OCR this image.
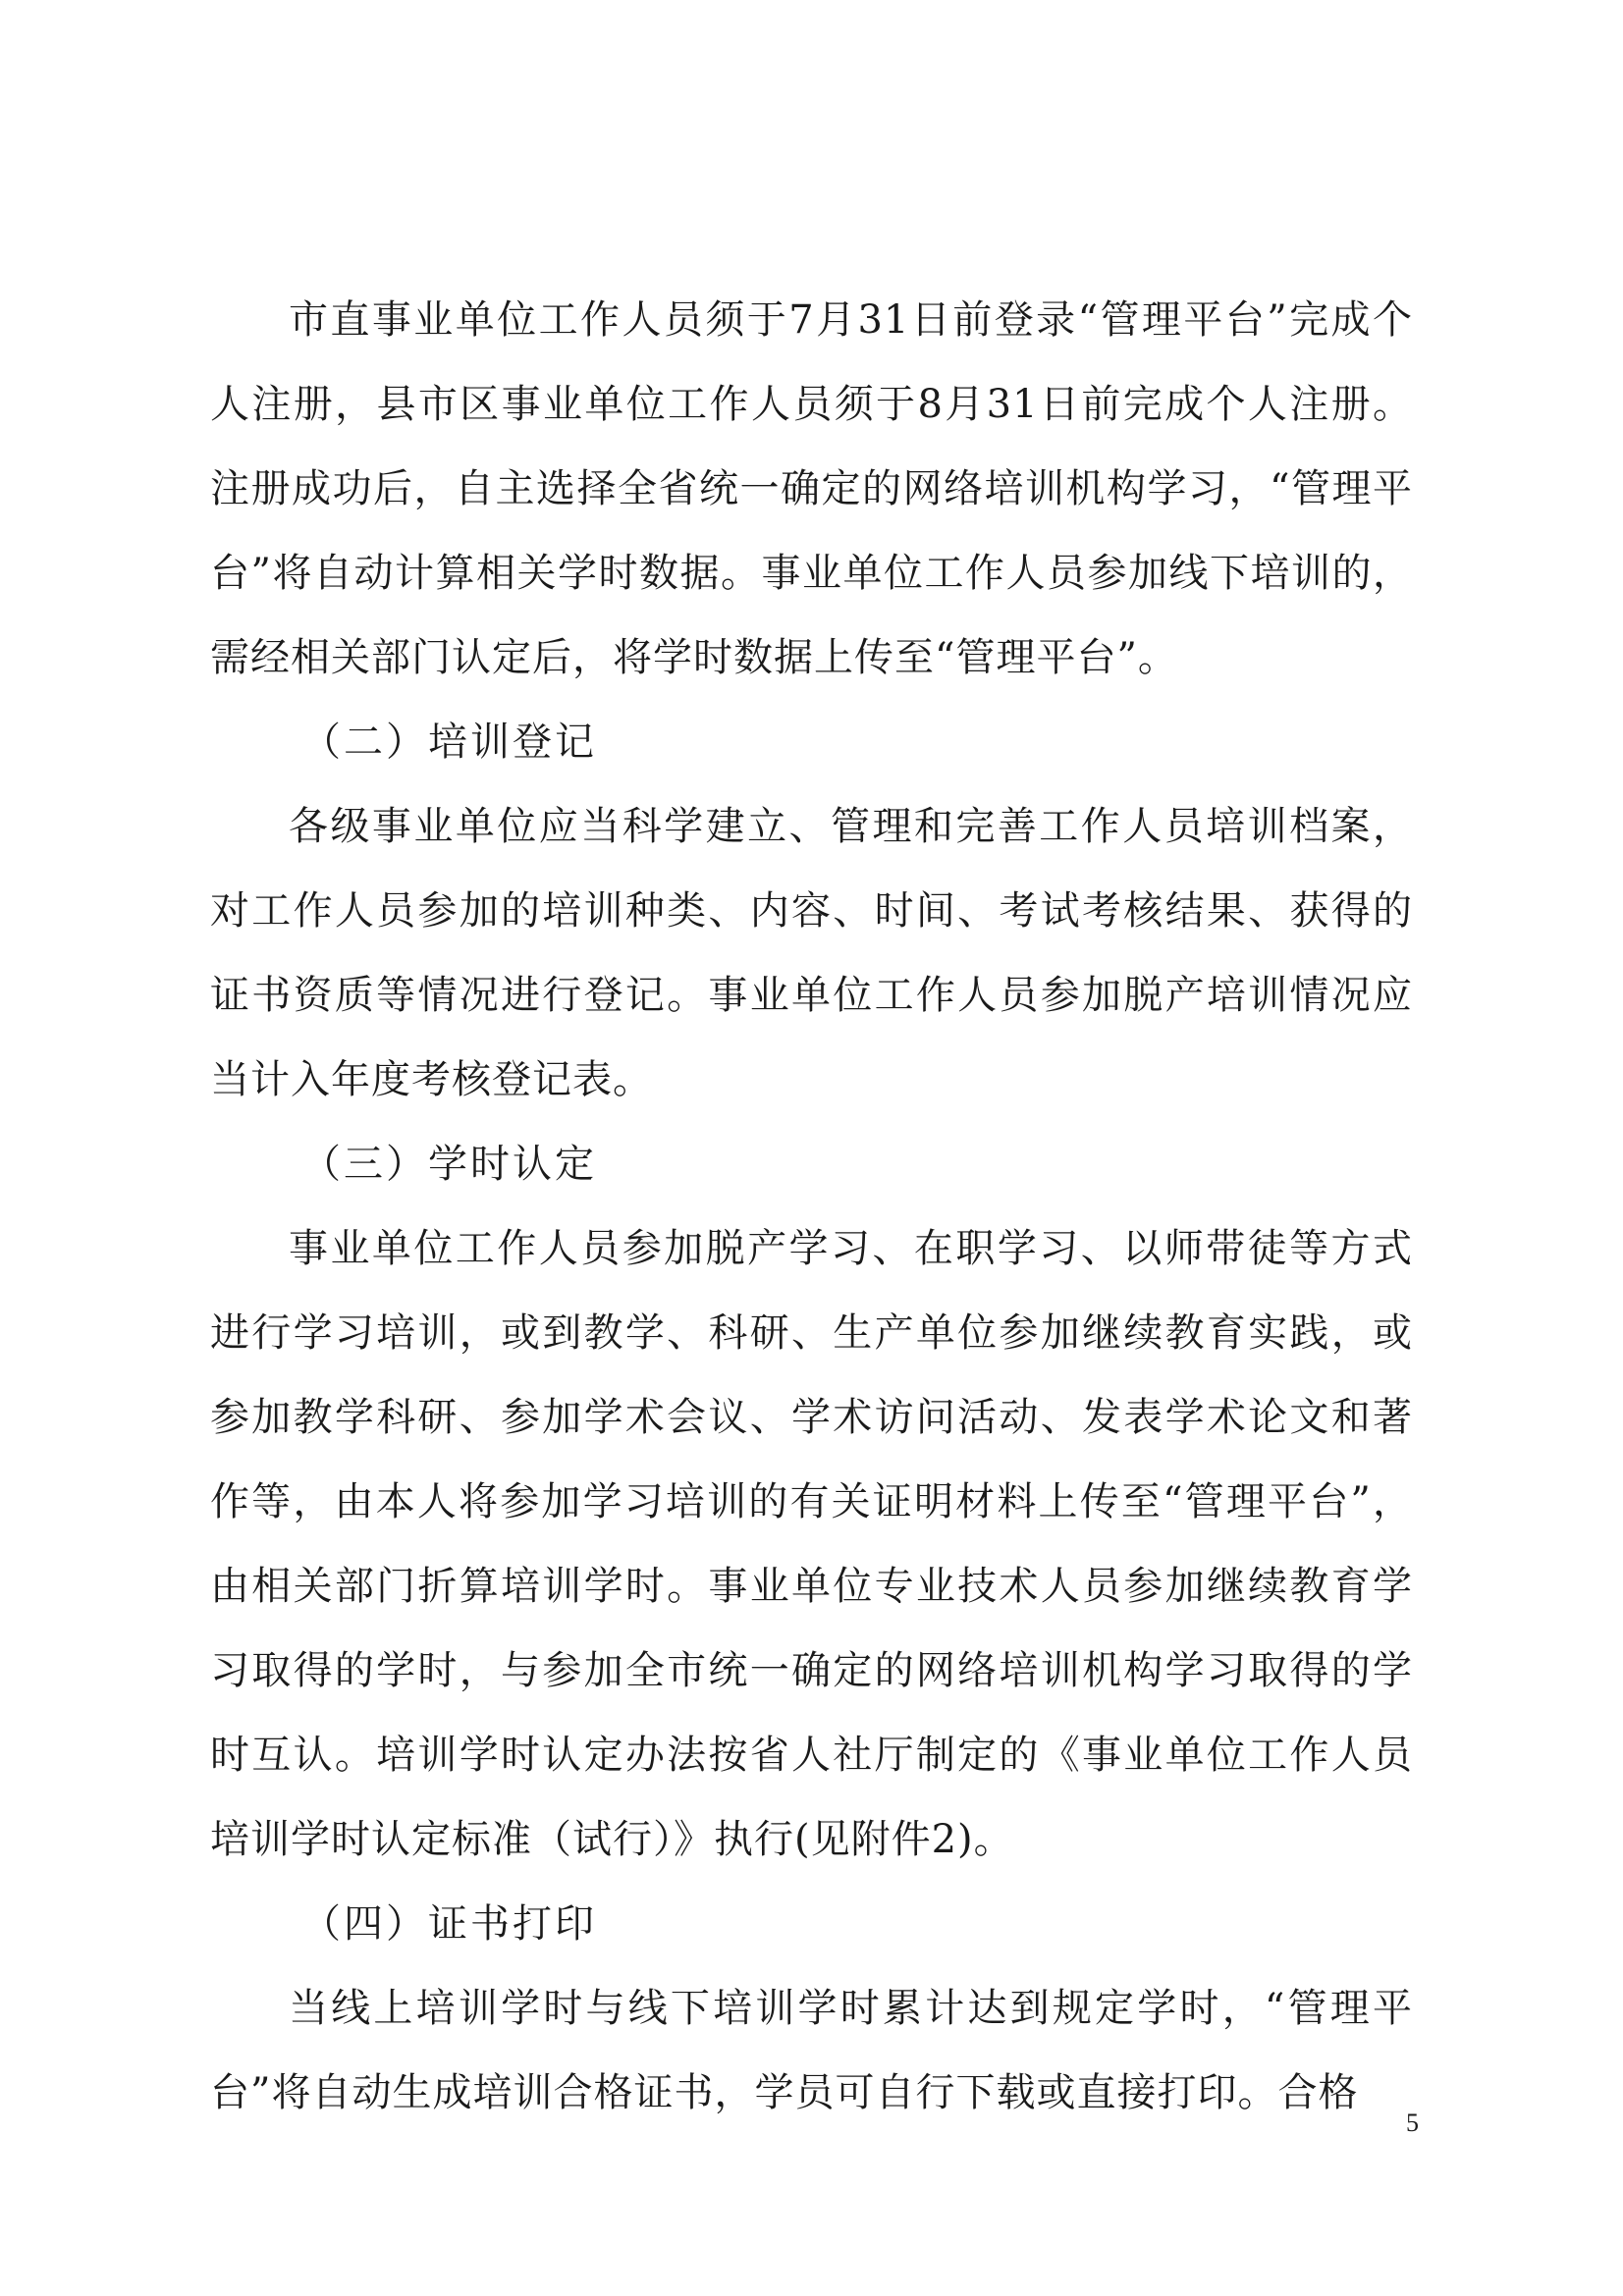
市直事业单位工作人员须于7月31日前登录“管理平台”完成个人注册，县市区事业单位工作人员须于8月31日前完成个人注册。注册成功后，自主选择全省统一确定的网络培训机构学习，“管理平台”将自动计算相关学时数据。事业单位工作人员参加线下培训的，需经相关部门认定后，将学时数据上传至“管理平台”。

（二）培训登记

各级事业单位应当科学建立、管理和完善工作人员培训档案，对工作人员参加的培训种类、内容、时间、考试考核结果、获得的证书资质等情况进行登记。事业单位工作人员参加脱产培训情况应当计入年度考核登记表。

（三）学时认定

事业单位工作人员参加脱产学习、在职学习、以师带徒等方式进行学习培训，或到教学、科研、生产单位参加继续教育实践，或参加教学科研、参加学术会议、学术访问活动、发表学术论文和著作等，由本人将参加学习培训的有关证明材料上传至“管理平台”，由相关部门折算培训学时。事业单位专业技术人员参加继续教育学习取得的学时，与参加全市统一确定的网络培训机构学习取得的学时互认。培训学时认定办法按省人社厅制定的《事业单位工作人员培训学时认定标准（试行）》执行(见附件2)。

（四）证书打印

当线上培训学时与线下培训学时累计达到规定学时，“管理平台”将自动生成培训合格证书，学员可自行下载或直接打印。合格

5
